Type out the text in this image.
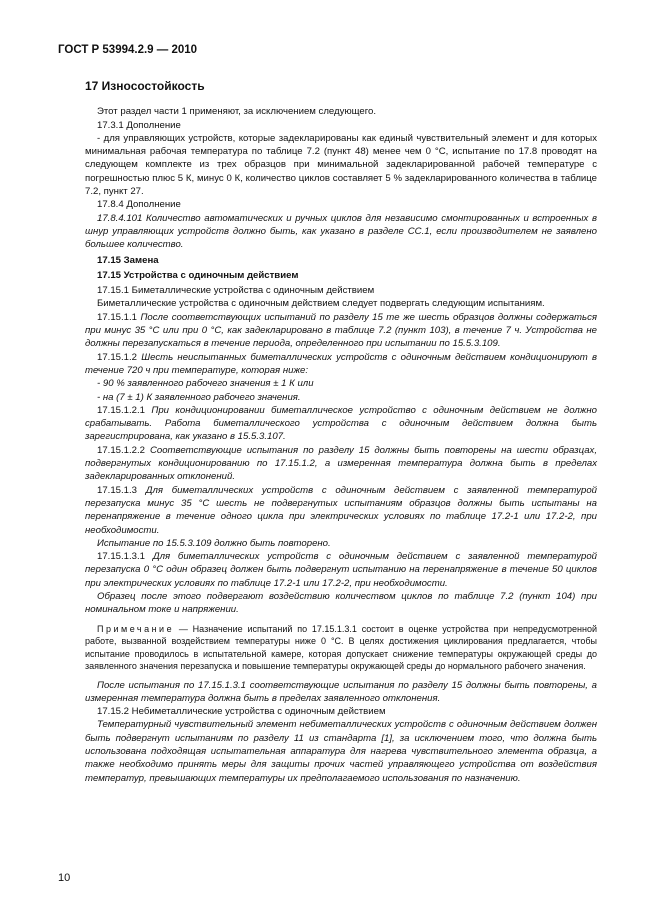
ГОСТ Р 53994.2.9 — 2010
17 Износостойкость

Этот раздел части 1 применяют, за исключением следующего.

17.3.1 Дополнение

- для управляющих устройств, которые задекларированы как единый чувствительный элемент и для которых минимальная рабочая температура по таблице 7.2 (пункт 48) менее чем 0 °С, испытание по 17.8 проводят на следующем комплекте из трех образцов при минимальной задекларированной рабочей температуре с погрешностью плюс 5 К, минус 0 К, количество циклов составляет 5 % задекларированного количества в таблице 7.2, пункт 27.

17.8.4 Дополнение

17.8.4.101 Количество автоматических и ручных циклов для независимо смонтированных и встроенных в шнур управляющих устройств должно быть, как указано в разделе СС.1, если производителем не заявлено большее количество.

17.15 Замена
17.15 Устройства с одиночным действием

17.15.1 Биметаллические устройства с одиночным действием

Биметаллические устройства с одиночным действием следует подвергать следующим испытаниям.

17.15.1.1 После соответствующих испытаний по разделу 15 те же шесть образцов должны содержаться при минус 35 °С или при 0 °С, как задекларировано в таблице 7.2 (пункт 103), в течение 7 ч. Устройства не должны перезапускаться в течение периода, определенного при испытании по 15.5.3.109.

17.15.1.2 Шесть неиспытанных биметаллических устройств с одиночным действием кондиционируют в течение 720 ч при температуре, которая ниже:

- 90 % заявленного рабочего значения ± 1 К или

- на (7 ± 1) К заявленного рабочего значения.

17.15.1.2.1 При кондиционировании биметаллическое устройство с одиночным действием не должно срабатывать. Работа биметаллического устройства с одиночным действием должна быть зарегистрирована, как указано в 15.5.3.107.

17.15.1.2.2 Соответствующие испытания по разделу 15 должны быть повторены на шести образцах, подвергнутых кондиционированию по 17.15.1.2, а измеренная температура должна быть в пределах задекларированных отклонений.

17.15.1.3 Для биметаллических устройств с одиночным действием с заявленной температурой перезапуска минус 35 °С шесть не подвергнутых испытаниям образцов должны быть испытаны на перенапряжение в течение одного цикла при электрических условиях по таблице 17.2-1 или 17.2-2, при необходимости.

Испытание по 15.5.3.109 должно быть повторено.

17.15.1.3.1 Для биметаллических устройств с одиночным действием с заявленной температурой перезапуска 0 °С один образец должен быть подвергнут испытанию на перенапряжение в течение 50 циклов при электрических условиях по таблице 17.2-1 или 17.2-2, при необходимости.

Образец после этого подвергают воздействию количеством циклов по таблице 7.2 (пункт 104) при номинальном токе и напряжении.

Примечание — Назначение испытаний по 17.15.1.3.1 состоит в оценке устройства при непредусмотренной работе, вызванной воздействием температуры ниже 0 °С. В целях достижения циклирования предлагается, чтобы испытание проводилось в испытательной камере, которая допускает снижение температуры окружающей среды до заявленного значения перезапуска и повышение температуры окружающей среды до нормального рабочего значения.

После испытания по 17.15.1.3.1 соответствующие испытания по разделу 15 должны быть повторены, а измеренная температура должна быть в пределах заявленного отклонения.

17.15.2 Небиметаллические устройства с одиночным действием

Температурный чувствительный элемент небиметаллических устройств с одиночным действием должен быть подвергнут испытаниям по разделу 11 из стандарта [1], за исключением того, что должна быть использована подходящая испытательная аппаратура для нагрева чувствительного элемента образца, а также необходимо принять меры для защиты прочих частей управляющего устройства от воздействия температур, превышающих температуры их предполагаемого использования по назначению.

10
